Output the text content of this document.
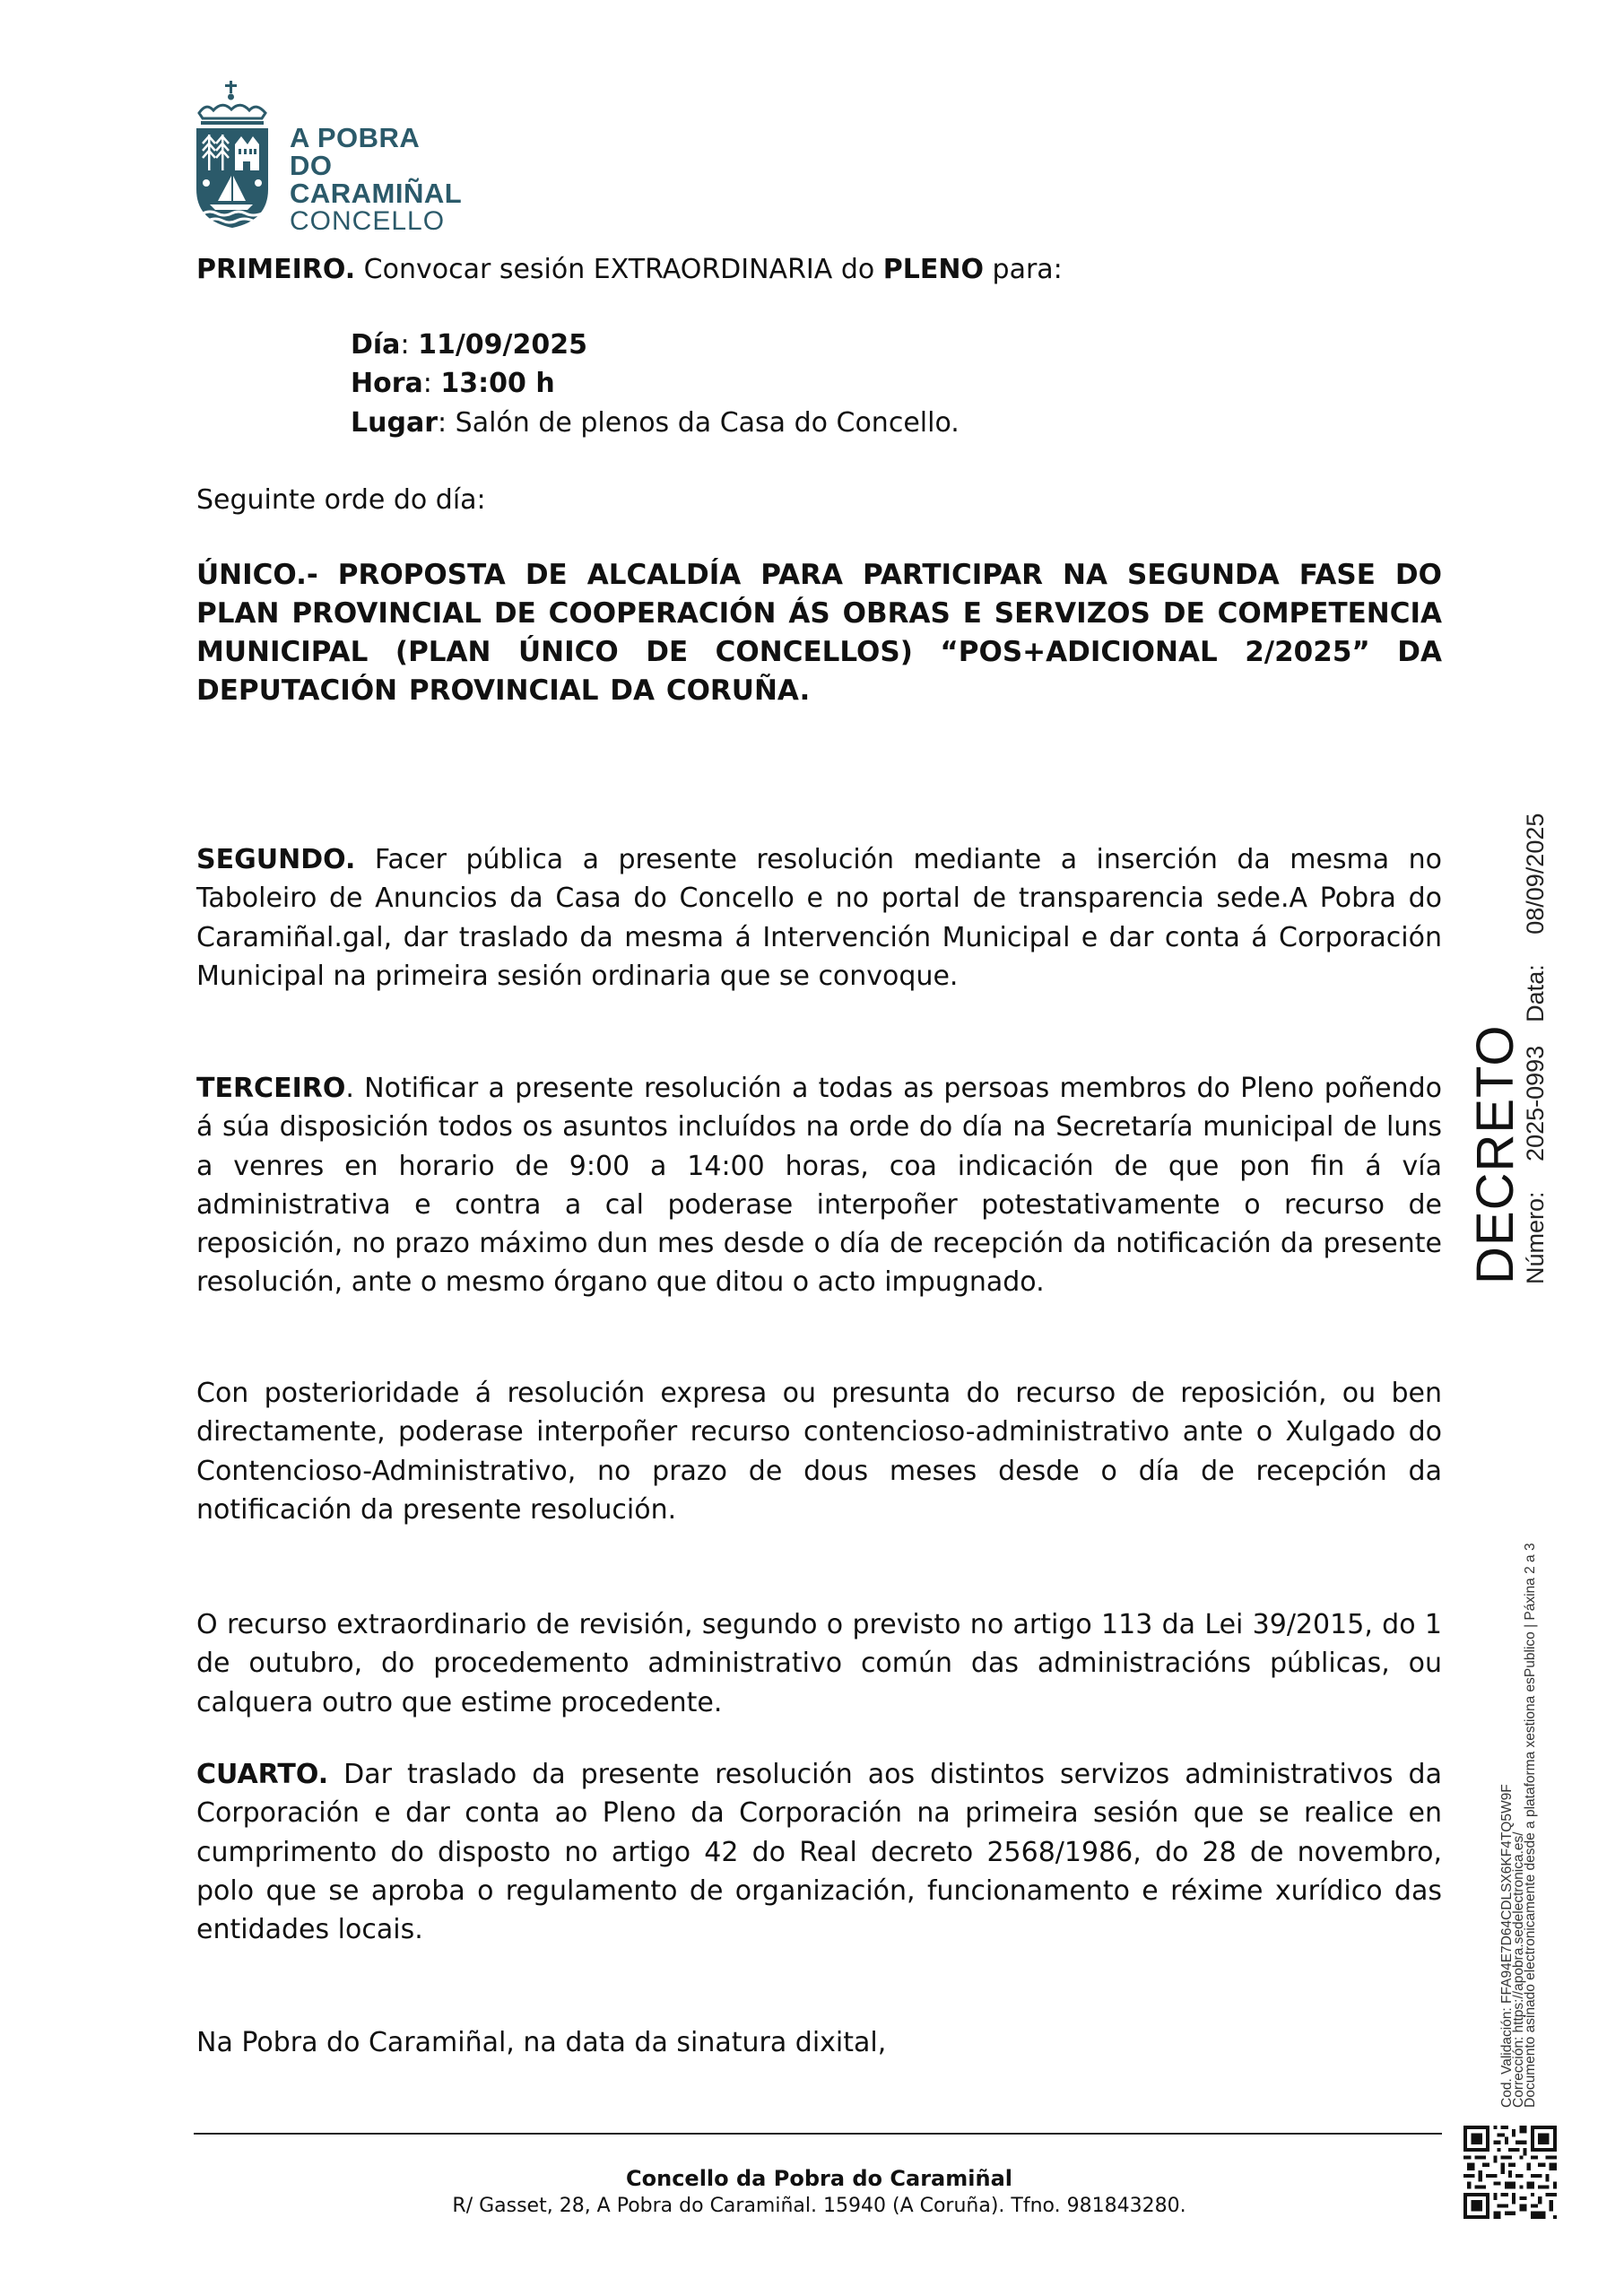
A POBRA
DO CARAMIÑAL
CONCELLO
PRIMEIRO. Convocar sesión EXTRAORDINARIA do PLENO para:
Día: 11/09/2025
Hora: 13:00 h
Lugar: Salón de plenos da Casa do Concello.
Seguinte orde do día:
ÚNICO.- PROPOSTA DE ALCALDÍA PARA PARTICIPAR NA SEGUNDA FASE DO PLAN PROVINCIAL DE COOPERACIÓN ÁS OBRAS E SERVIZOS DE COMPETENCIA MUNICIPAL (PLAN ÚNICO DE CONCELLOS) “POS+ADICIONAL 2/2025” DA DEPUTACIÓN PROVINCIAL DA CORUÑA.
SEGUNDO. Facer pública a presente resolución mediante a inserción da mesma no Taboleiro de Anuncios da Casa do Concello e no portal de transparencia sede.A Pobra do Caramiñal.gal, dar traslado da mesma á Intervención Municipal e dar conta á Corporación Municipal na primeira sesión ordinaria que se convoque.
TERCEIRO. Notificar a presente resolución a todas as persoas membros do Pleno poñendo á súa disposición todos os asuntos incluídos na orde do día na Secretaría municipal de luns a venres en horario de 9:00 a 14:00 horas, coa indicación de que pon fin á vía administrativa e contra a cal poderase interpoñer potestativamente o recurso de reposición, no prazo máximo dun mes desde o día de recepción da notificación da presente resolución, ante o mesmo órgano que ditou o acto impugnado.
Con posterioridade á resolución expresa ou presunta do recurso de reposición, ou ben directamente, poderase interpoñer recurso contencioso-administrativo ante o Xulgado do Contencioso-Administrativo, no prazo de dous meses desde o día de recepción da notificación da presente resolución.
O recurso extraordinario de revisión, segundo o previsto no artigo 113 da Lei 39/2015, do 1 de outubro, do procedemento administrativo común das administracións públicas, ou calquera outro que estime procedente.
CUARTO. Dar traslado da presente resolución aos distintos servizos administrativos da Corporación e dar conta ao Pleno da Corporación na primeira sesión que se realice en cumprimento do disposto no artigo 42 do Real decreto 2568/1986, do 28 de novembro, polo que se aproba o regulamento de organización, funcionamento e réxime xurídico das entidades locais.
Na Pobra do Caramiñal, na data da sinatura dixital,
Concello da Pobra do Caramiñal
R/ Gasset, 28, A Pobra do Caramiñal. 15940 (A Coruña). Tfno. 981843280.
DECRETO
Número: 2025-0993Data: 08/09/2025
Cod. Validación: FFA94E7D64CDLSX6KF4TQ5W9F
Corrección: https://apobra.sedelectronica.es/
Documento asinado electronicamente desde a plataforma xestiona esPublico | Páxina 2 a 3
